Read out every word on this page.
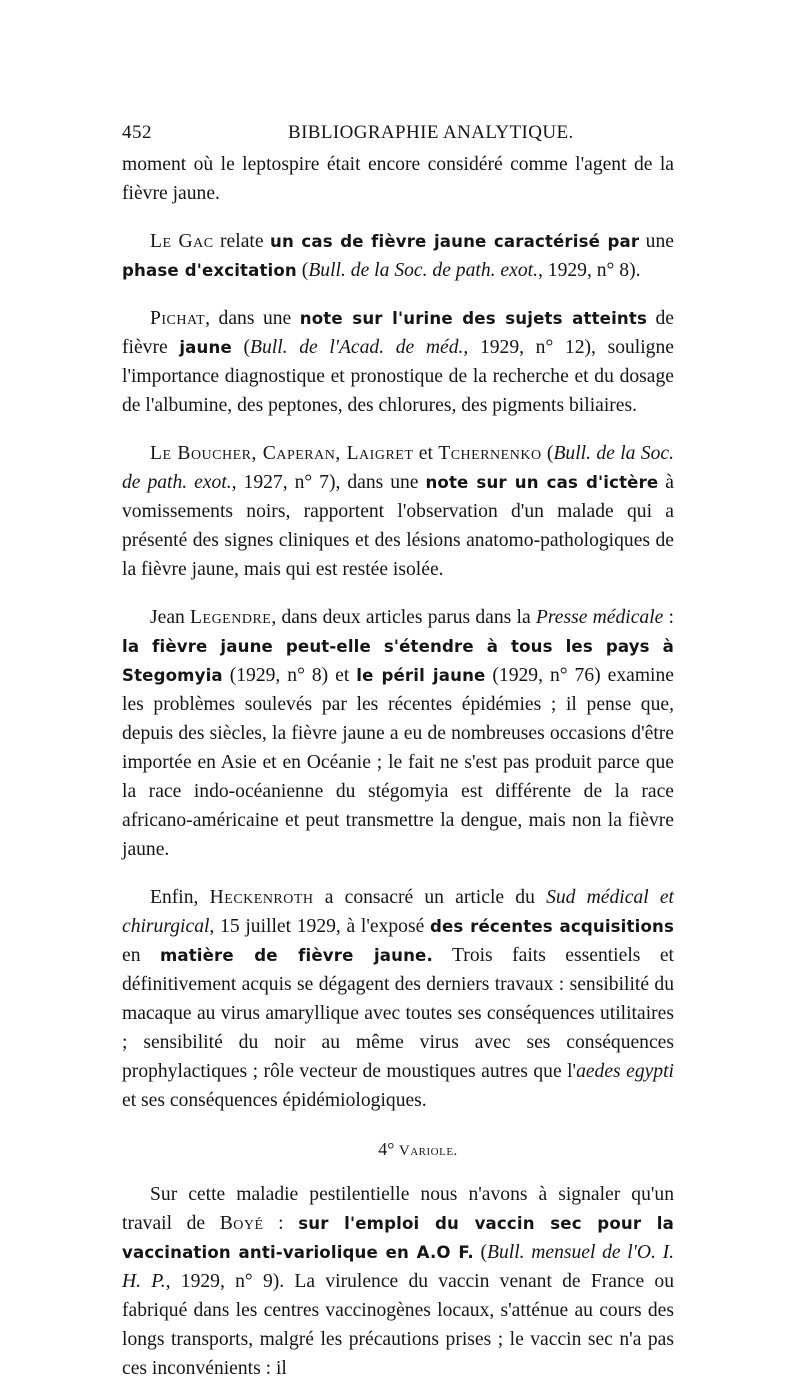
452	BIBLIOGRAPHIE ANALYTIQUE.

moment où le leptospire était encore considéré comme l'agent de la fièvre jaune.

Le Gac relate un cas de fièvre jaune caractérisé par une phase d'excitation (Bull. de la Soc. de path. exot., 1929, n° 8).

Pichat, dans une note sur l'urine des sujets atteints de fièvre jaune (Bull. de l'Acad. de méd., 1929, n° 12), souligne l'importance diagnostique et pronostique de la recherche et du dosage de l'albumine, des peptones, des chlorures, des pigments biliaires.

Le Boucher, Caperan, Laigret et Tchernenko (Bull. de la Soc. de path. exot., 1927, n° 7), dans une note sur un cas d'ictère à vomissements noirs, rapportent l'observation d'un malade qui a présenté des signes cliniques et des lésions anatomo-pathologiques de la fièvre jaune, mais qui est restée isolée.

Jean Legendre, dans deux articles parus dans la Presse médicale : la fièvre jaune peut-elle s'étendre à tous les pays à Stegomyia (1929, n° 8) et le péril jaune (1929, n° 76) examine les problèmes soulevés par les récentes épidémies ; il pense que, depuis des siècles, la fièvre jaune a eu de nombreuses occasions d'être importée en Asie et en Océanie ; le fait ne s'est pas produit parce que la race indo-océanienne du stégomyia est différente de la race africano-américaine et peut transmettre la dengue, mais non la fièvre jaune.

Enfin, Heckenroth a consacré un article du Sud médical et chirurgical, 15 juillet 1929, à l'exposé des récentes acquisitions en matière de fièvre jaune. Trois faits essentiels et définitivement acquis se dégagent des derniers travaux : sensibilité du macaque au virus amaryllique avec toutes ses conséquences utilitaires ; sensibilité du noir au même virus avec ses conséquences prophylactiques ; rôle vecteur de moustiques autres que l'aedes egypti et ses conséquences épidémiologiques.

4° Variole.

Sur cette maladie pestilentielle nous n'avons à signaler qu'un travail de Boyé : sur l'emploi du vaccin sec pour la vaccination anti-variolique en A.O F. (Bull. mensuel de l'O. I. H. P., 1929, n° 9). La virulence du vaccin venant de France ou fabriqué dans les centres vaccinogènes locaux, s'atténue au cours des longs transports, malgré les précautions prises ; le vaccin sec n'a pas ces inconvénients : il
